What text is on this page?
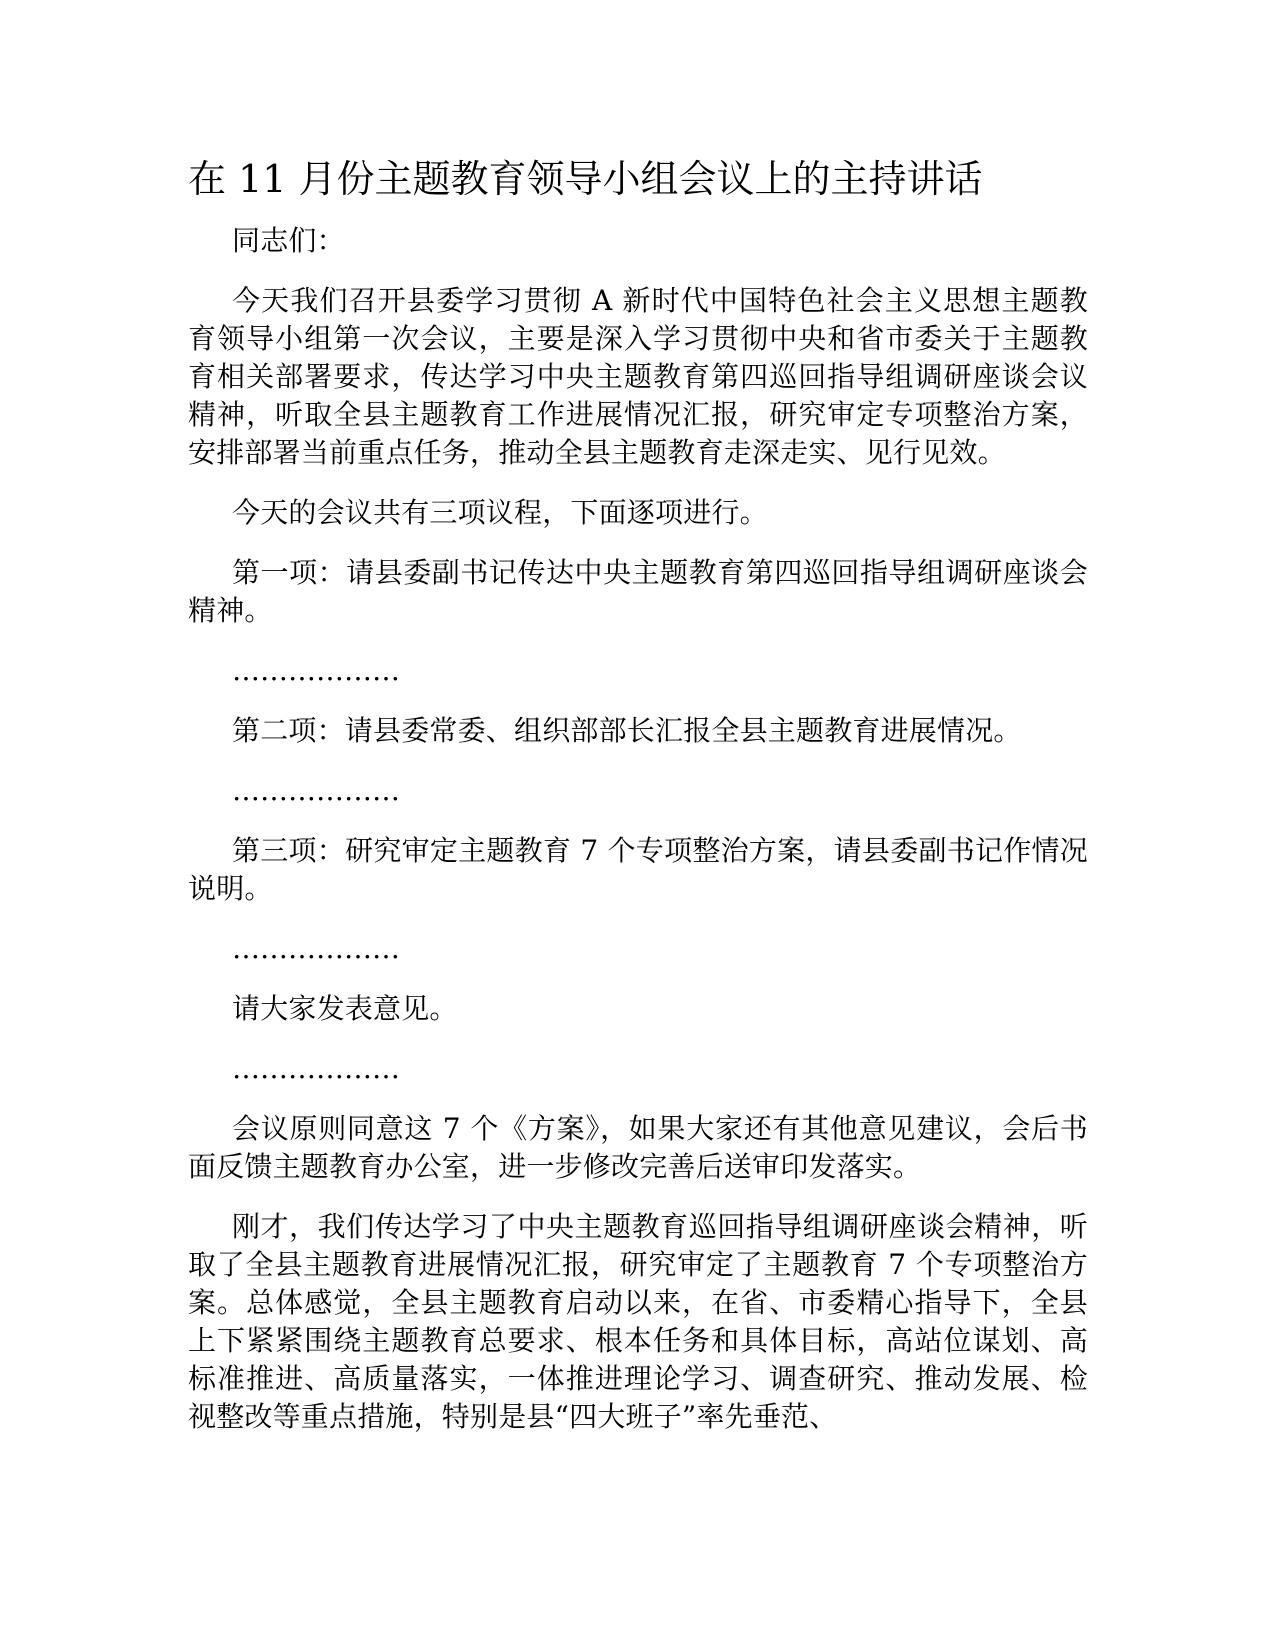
在 11 月份主题教育领导小组会议上的主持讲话

同志们：

今天我们召开县委学习贯彻 A 新时代中国特色社会主义思想主题教育领导小组第一次会议，主要是深入学习贯彻中央和省市委关于主题教育相关部署要求，传达学习中央主题教育第四巡回指导组调研座谈会议精神，听取全县主题教育工作进展情况汇报，研究审定专项整治方案，安排部署当前重点任务，推动全县主题教育走深走实、见行见效。

今天的会议共有三项议程，下面逐项进行。

第一项：请县委副书记传达中央主题教育第四巡回指导组调研座谈会精神。

………………

第二项：请县委常委、组织部部长汇报全县主题教育进展情况。

………………

第三项：研究审定主题教育 7 个专项整治方案，请县委副书记作情况说明。

………………

请大家发表意见。

………………

会议原则同意这 7 个《方案》，如果大家还有其他意见建议，会后书面反馈主题教育办公室，进一步修改完善后送审印发落实。

刚才，我们传达学习了中央主题教育巡回指导组调研座谈会精神，听取了全县主题教育进展情况汇报，研究审定了主题教育 7 个专项整治方案。总体感觉，全县主题教育启动以来，在省、市委精心指导下，全县上下紧紧围绕主题教育总要求、根本任务和具体目标，高站位谋划、高标准推进、高质量落实，一体推进理论学习、调查研究、推动发展、检视整改等重点措施，特别是县“四大班子”率先垂范、
